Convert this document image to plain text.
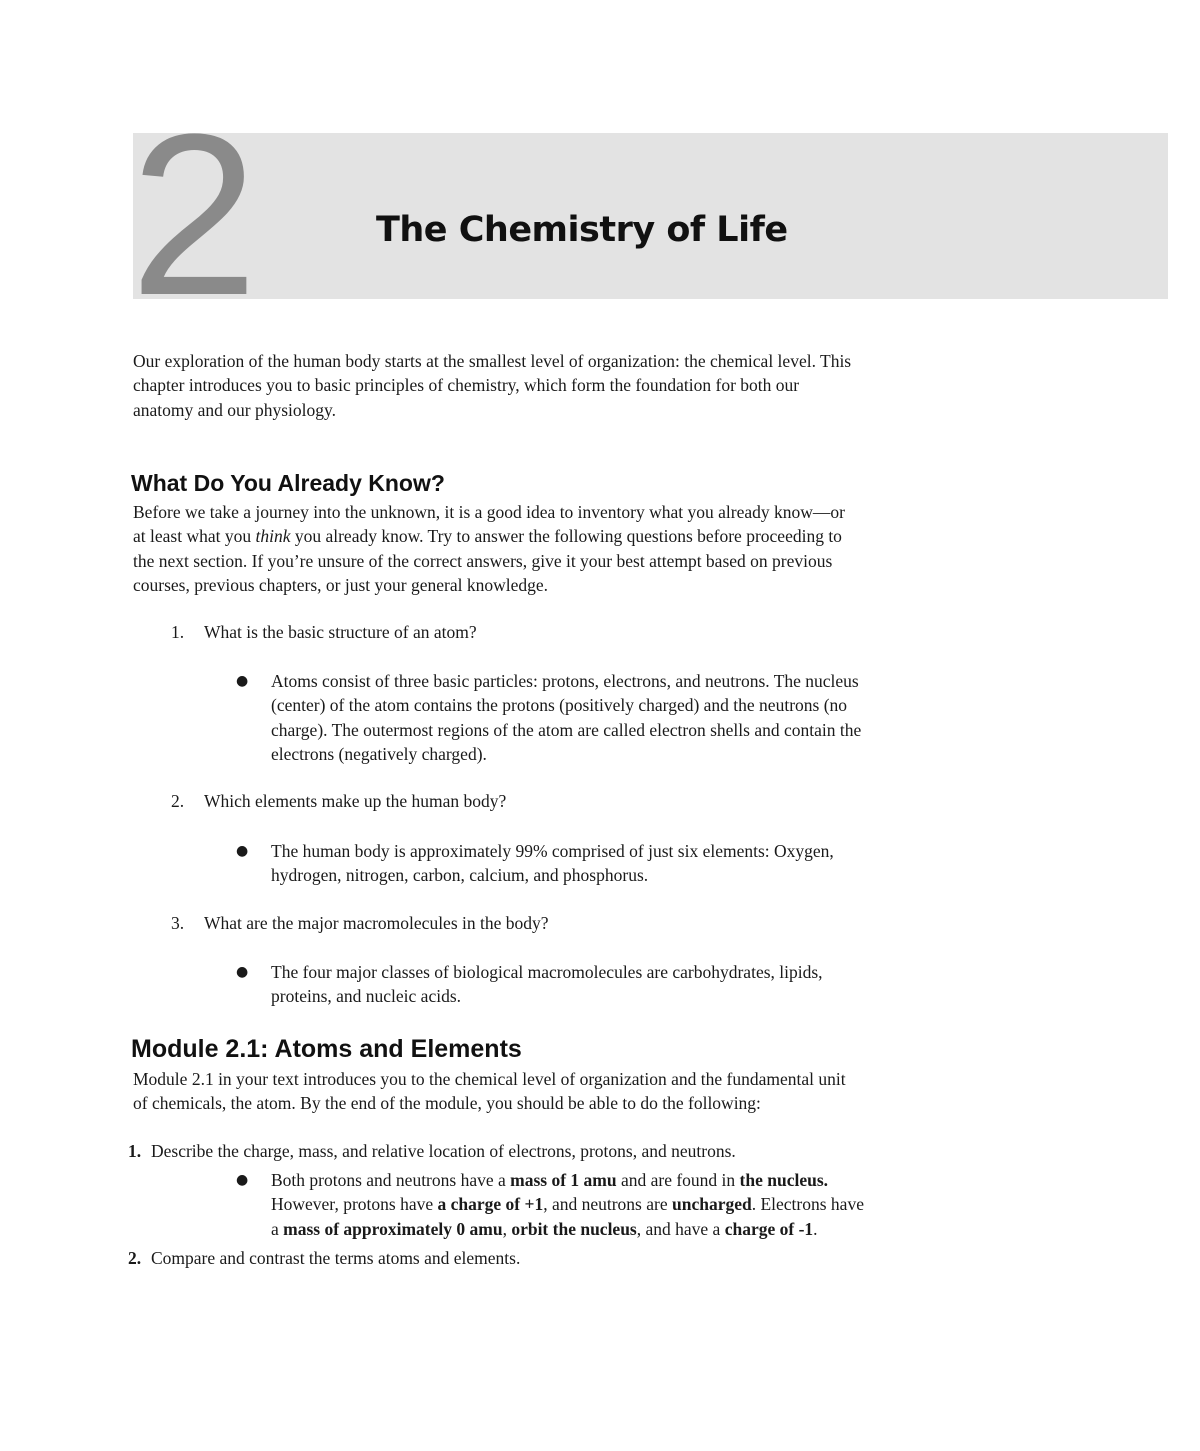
2	The Chemistry of Life
Our exploration of the human body starts at the smallest level of organization: the chemical level. This
chapter introduces you to basic principles of chemistry, which form the foundation for both our
anatomy and our physiology.
What Do You Already Know?
Before we take a journey into the unknown, it is a good idea to inventory what you already know—or
at least what you think you already know. Try to answer the following questions before proceeding to
the next section. If you’re unsure of the correct answers, give it your best attempt based on previous
courses, previous chapters, or just your general knowledge.
1.	What is the basic structure of an atom?
● Atoms consist of three basic particles: protons, electrons, and neutrons. The nucleus
(center) of the atom contains the protons (positively charged) and the neutrons (no
charge). The outermost regions of the atom are called electron shells and contain the
electrons (negatively charged).
2.	Which elements make up the human body?
● The human body is approximately 99% comprised of just six elements: Oxygen,
hydrogen, nitrogen, carbon, calcium, and phosphorus.
3.	What are the major macromolecules in the body?
● The four major classes of biological macromolecules are carbohydrates, lipids,
proteins, and nucleic acids.
Module 2.1: Atoms and Elements
Module 2.1 in your text introduces you to the chemical level of organization and the fundamental unit
of chemicals, the atom. By the end of the module, you should be able to do the following:
1. Describe the charge, mass, and relative location of electrons, protons, and neutrons.
● Both protons and neutrons have a mass of 1 amu and are found in the nucleus.
However, protons have a charge of +1, and neutrons are uncharged. Electrons have
a mass of approximately 0 amu, orbit the nucleus, and have a charge of -1.
2. Compare and contrast the terms atoms and elements.
